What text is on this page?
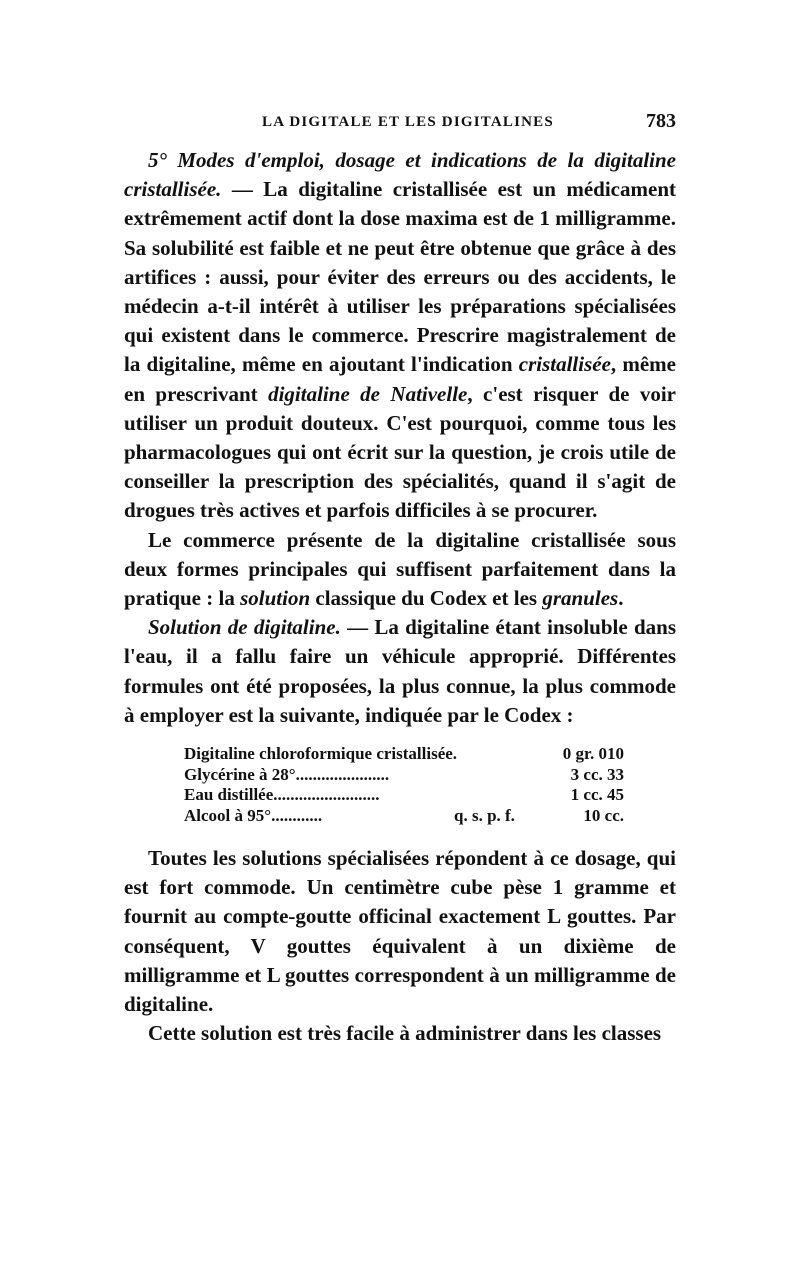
LA DIGITALE ET LES DIGITALINES	783

5° Modes d'emploi, dosage et indications de la digitaline cristallisée. — La digitaline cristallisée est un médicament extrêmement actif dont la dose maxima est de 1 milligramme. Sa solubilité est faible et ne peut être obtenue que grâce à des artifices : aussi, pour éviter des erreurs ou des accidents, le médecin a-t-il intérêt à utiliser les préparations spécialisées qui existent dans le commerce. Prescrire magistralement de la digitaline, même en ajoutant l'indication cristallisée, même en prescrivant digitaline de Nativelle, c'est risquer de voir utiliser un produit douteux. C'est pourquoi, comme tous les pharmacologues qui ont écrit sur la question, je crois utile de conseiller la prescription des spécialités, quand il s'agit de drogues très actives et parfois difficiles à se procurer.

Le commerce présente de la digitaline cristallisée sous deux formes principales qui suffisent parfaitement dans la pratique : la solution classique du Codex et les granules.

Solution de digitaline. — La digitaline étant insoluble dans l'eau, il a fallu faire un véhicule approprié. Différentes formules ont été proposées, la plus connue, la plus commode à employer est la suivante, indiquée par le Codex :

Digitaline chloroformique cristallisée.	0 gr. 010
Glycérine à 28°......................	3 cc. 33
Eau distillée.........................	1 cc. 45
Alcool à 95°............	q. s. p. f.	10 cc.

Toutes les solutions spécialisées répondent à ce dosage, qui est fort commode. Un centimètre cube pèse 1 gramme et fournit au compte-goutte officinal exactement L gouttes. Par conséquent, V gouttes équivalent à un dixième de milligramme et L gouttes correspondent à un milligramme de digitaline.

Cette solution est très facile à administrer dans les classes
